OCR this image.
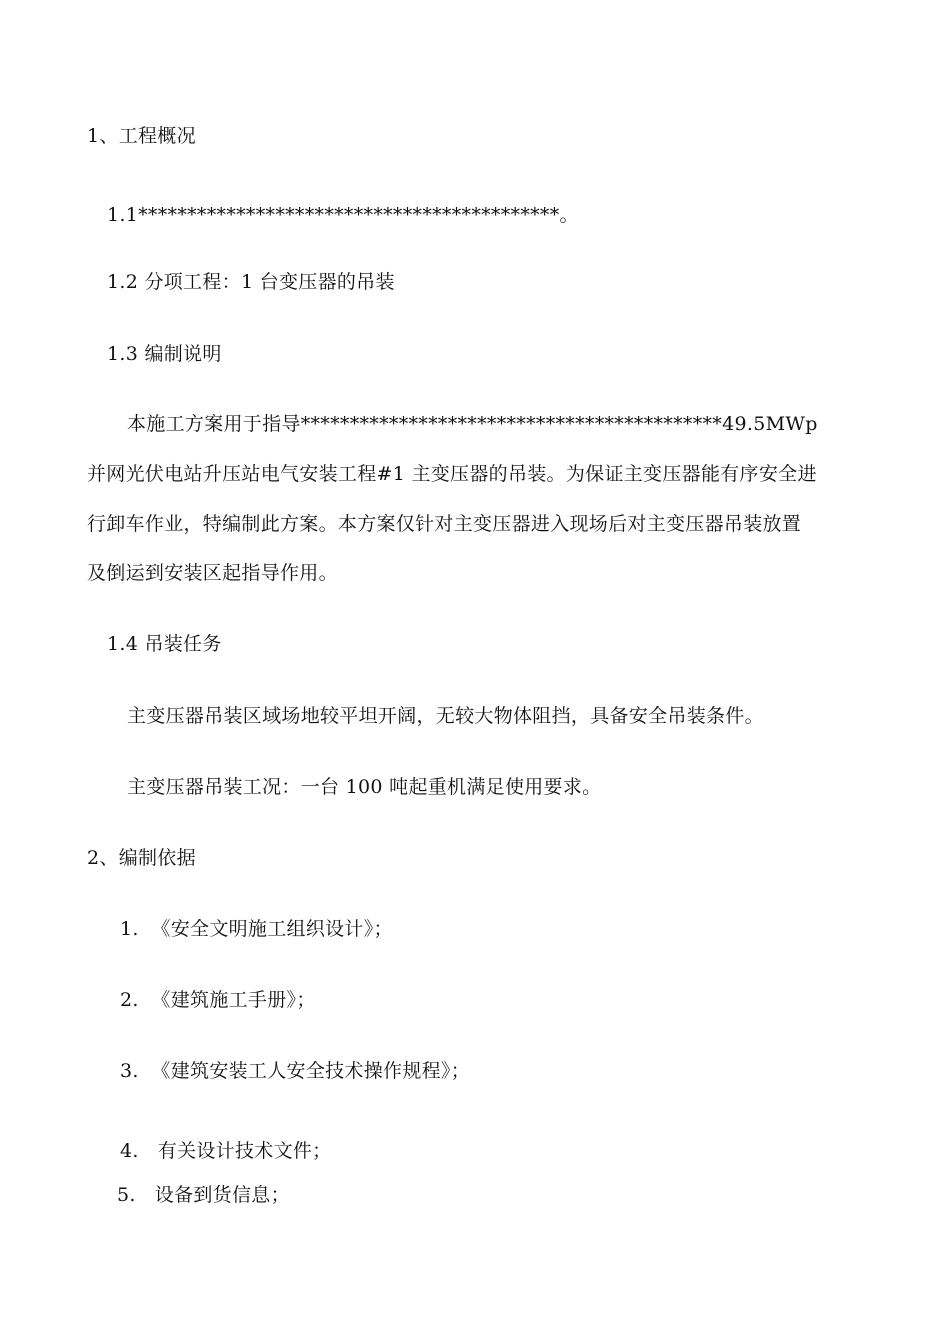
1、工程概况
1.1*******************************************。
1.2 分项工程：1 台变压器的吊装
1.3 编制说明
本施工方案用于指导*******************************************49.5MWp
并网光伏电站升压站电气安装工程#1 主变压器的吊装。为保证主变压器能有序安全进
行卸车作业，特编制此方案。本方案仅针对主变压器进入现场后对主变压器吊装放置
及倒运到安装区起指导作用。
1.4 吊装任务
主变压器吊装区域场地较平坦开阔，无较大物体阻挡，具备安全吊装条件。
主变压器吊装工况：一台 100 吨起重机满足使用要求。
2、编制依据
1. 《安全文明施工组织设计》；
2. 《建筑施工手册》；
3. 《建筑安装工人安全技术操作规程》；
4. 有关设计技术文件；
5. 设备到货信息；
